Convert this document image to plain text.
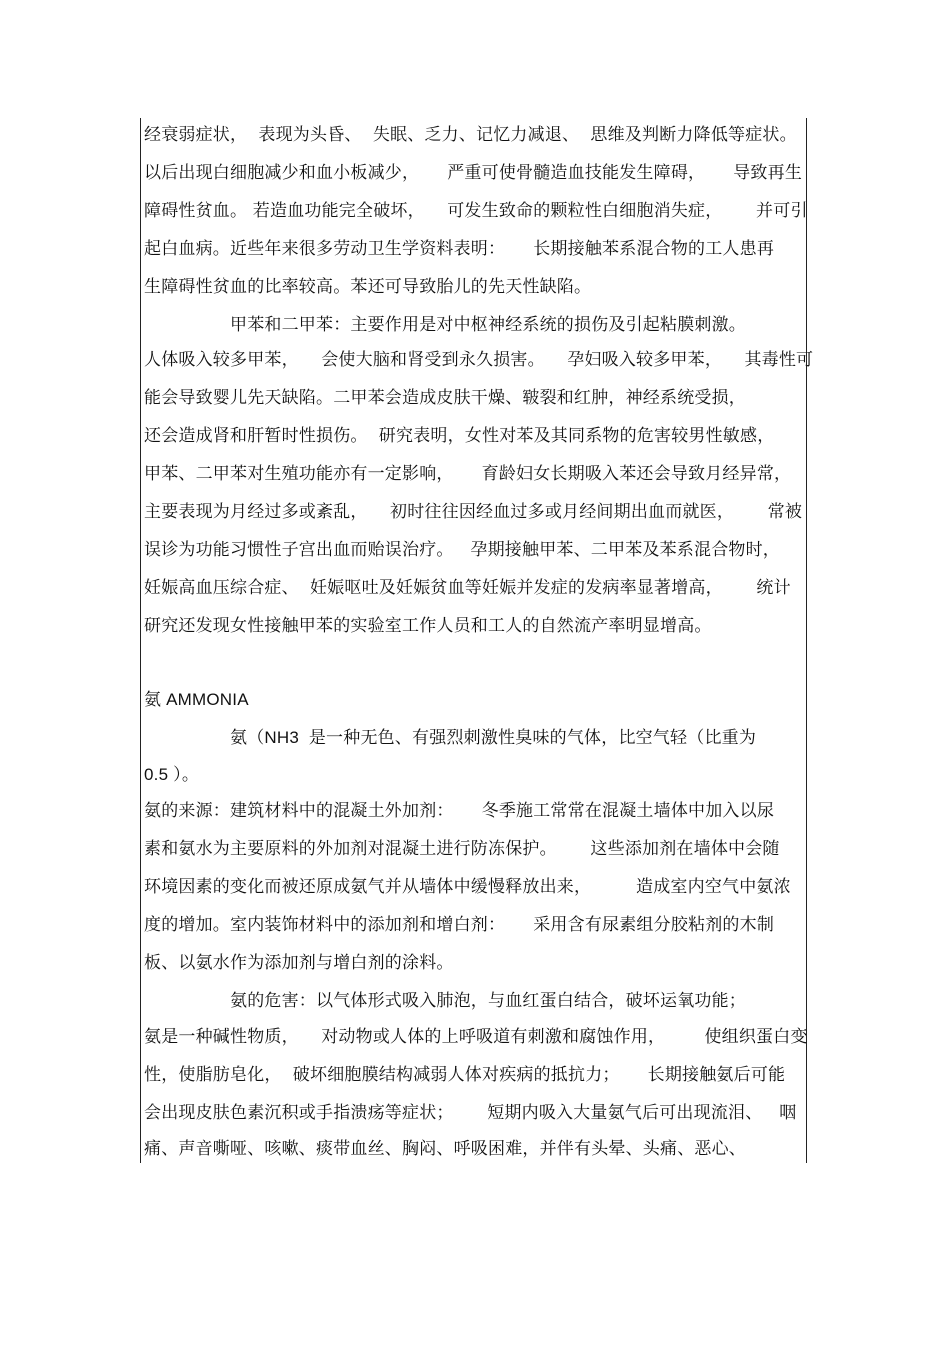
经衰弱症状，  表现为头昏、  失眠、乏力、记忆力减退、  思维及判断力降低等症状。
以后出现白细胞减少和血小板减少，     严重可使骨髓造血技能发生障碍，     导致再生
障碍性贫血。 若造血功能完全破坏，    可发生致命的颗粒性白细胞消失症，      并可引
起白血病。近些年来很多劳动卫生学资料表明：     长期接触苯系混合物的工人患再
生障碍性贫血的比率较高。苯还可导致胎儿的先天性缺陷。
甲苯和二甲苯：主要作用是对中枢神经系统的损伤及引起粘膜刺激。
人体吸入较多甲苯，    会使大脑和肾受到永久损害。    孕妇吸入较多甲苯，    其毒性可
能会导致婴儿先天缺陷。二甲苯会造成皮肤干燥、皲裂和红肿，神经系统受损，
还会造成肾和肝暂时性损伤。  研究表明，女性对苯及其同系物的危害较男性敏感，
甲苯、二甲苯对生殖功能亦有一定影响，     育龄妇女长期吸入苯还会导致月经异常，
主要表现为月经过多或紊乱，    初时往往因经血过多或月经间期出血而就医，      常被
误诊为功能习惯性子宫出血而贻误治疗。   孕期接触甲苯、二甲苯及苯系混合物时，
妊娠高血压综合症、  妊娠呕吐及妊娠贫血等妊娠并发症的发病率显著增高，      统计
研究还发现女性接触甲苯的实验室工作人员和工人的自然流产率明显增高。
氨 AMMONIA
氨（NH3  是一种无色、有强烈刺激性臭味的气体，比空气轻（比重为
0.5 ）。
氨的来源：建筑材料中的混凝土外加剂：     冬季施工常常在混凝土墙体中加入以尿
素和氨水为主要原料的外加剂对混凝土进行防冻保护。      这些添加剂在墙体中会随
环境因素的变化而被还原成氨气并从墙体中缓慢释放出来，        造成室内空气中氨浓
度的增加。室内装饰材料中的添加剂和增白剂：     采用含有尿素组分胶粘剂的木制
板、以氨水作为添加剂与增白剂的涂料。
氨的危害：以气体形式吸入肺泡，与血红蛋白结合，破坏运氧功能；
氨是一种碱性物质，    对动物或人体的上呼吸道有刺激和腐蚀作用，       使组织蛋白变
性，使脂肪皂化，  破坏细胞膜结构减弱人体对疾病的抵抗力；     长期接触氨后可能
会出现皮肤色素沉积或手指溃疡等症状；      短期内吸入大量氨气后可出现流泪、   咽
痛、声音嘶哑、咳嗽、痰带血丝、胸闷、呼吸困难，并伴有头晕、头痛、恶心、
